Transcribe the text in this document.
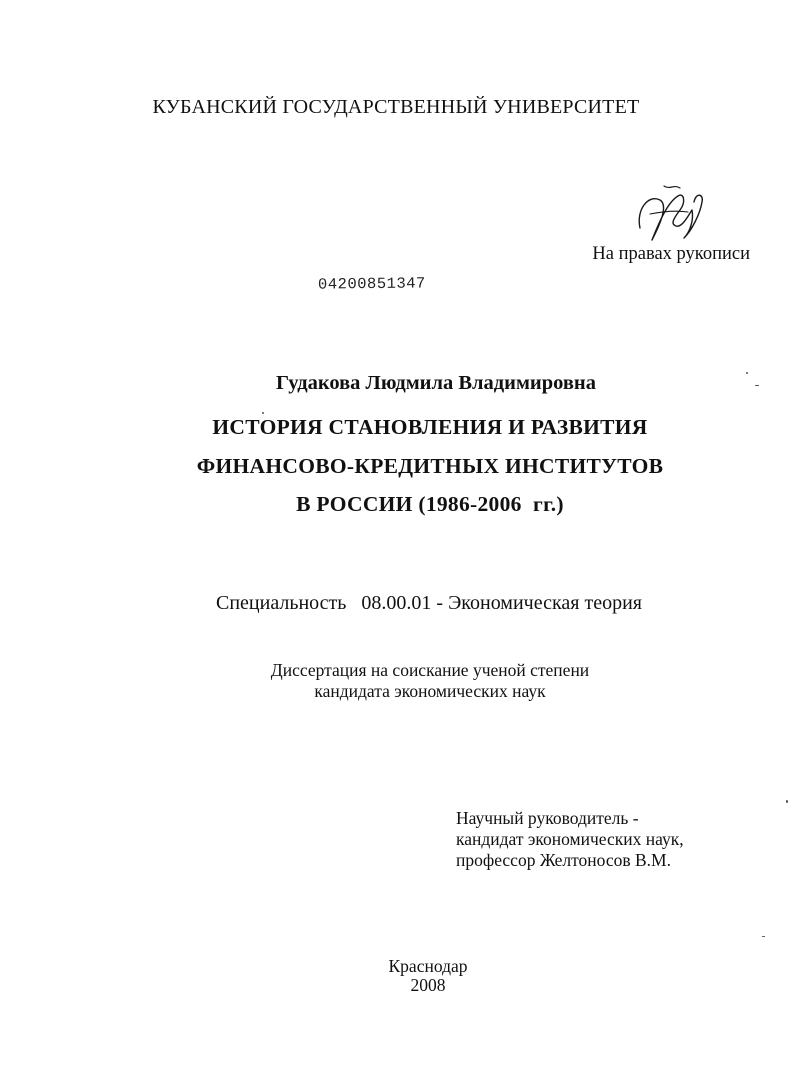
КУБАНСКИЙ ГОСУДАРСТВЕННЫЙ УНИВЕРСИТЕТ
На правах рукописи
04200851347
Гудакова Людмила Владимировна
ИСТОРИЯ СТАНОВЛЕНИЯ И РАЗВИТИЯ
ФИНАНСОВО-КРЕДИТНЫХ ИНСТИТУТОВ
В РОССИИ (1986-2006  гг.)
Специальность   08.00.01 - Экономическая теория
Диссертация на соискание ученой степени
кандидата экономических наук
Научный руководитель -
кандидат экономических наук,
профессор Желтоносов В.М.
Краснодар
2008
